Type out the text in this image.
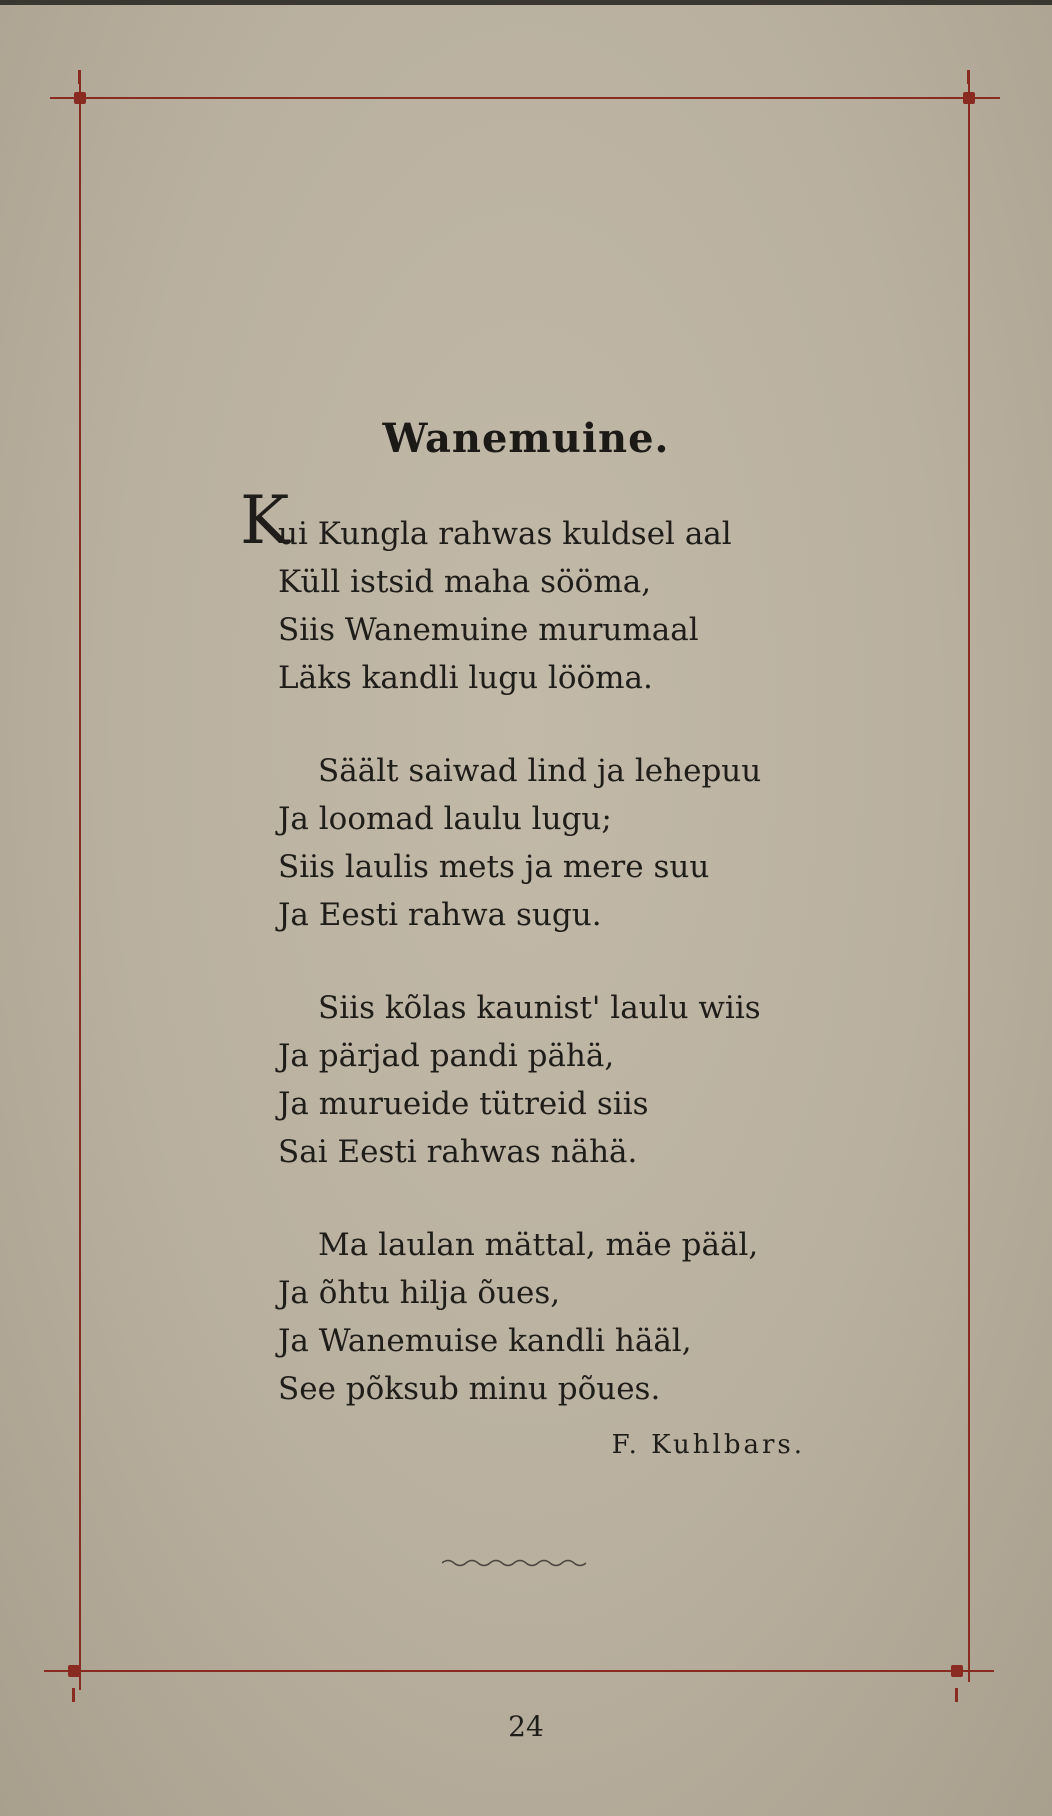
Wanemuine.
K
ui Kungla rahwas kuldsel aal
Küll istsid maha sööma,
Siis Wanemuine murumaal
Läks kandli lugu lööma.
Säält saiwad lind ja lehepuu
Ja loomad laulu lugu;
Siis laulis mets ja mere suu
Ja Eesti rahwa sugu.
Siis kõlas kaunist' laulu wiis
Ja pärjad pandi pähä,
Ja murueide tütreid siis
Sai Eesti rahwas nähä.
Ma laulan mättal, mäe pääl,
Ja õhtu hilja õues,
Ja Wanemuise kandli hääl,
See põksub minu põues.
F. Kuhlbars.
24
